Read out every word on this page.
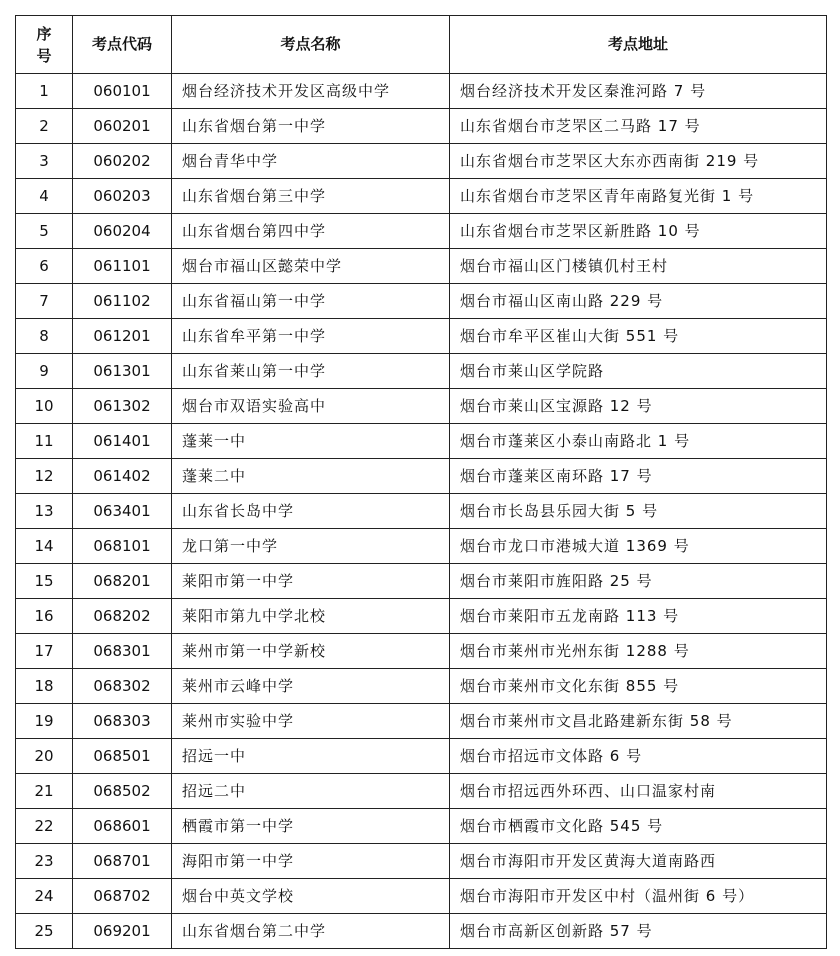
序
号	考点代码	考点名称	考点地址
1	060101	烟台经济技术开发区高级中学	烟台经济技术开发区秦淮河路 7 号
2	060201	山东省烟台第一中学	山东省烟台市芝罘区二马路 17 号
3	060202	烟台青华中学	山东省烟台市芝罘区大东亦西南街 219 号
4	060203	山东省烟台第三中学	山东省烟台市芝罘区青年南路复光街 1 号
5	060204	山东省烟台第四中学	山东省烟台市芝罘区新胜路 10 号
6	061101	烟台市福山区懿荣中学	烟台市福山区门楼镇仉村王村
7	061102	山东省福山第一中学	烟台市福山区南山路 229 号
8	061201	山东省牟平第一中学	烟台市牟平区崔山大街 551 号
9	061301	山东省莱山第一中学	烟台市莱山区学院路
10	061302	烟台市双语实验高中	烟台市莱山区宝源路 12 号
11	061401	蓬莱一中	烟台市蓬莱区小泰山南路北 1 号
12	061402	蓬莱二中	烟台市蓬莱区南环路 17 号
13	063401	山东省长岛中学	烟台市长岛县乐园大街 5 号
14	068101	龙口第一中学	烟台市龙口市港城大道 1369 号
15	068201	莱阳市第一中学	烟台市莱阳市旌阳路 25 号
16	068202	莱阳市第九中学北校	烟台市莱阳市五龙南路 113 号
17	068301	莱州市第一中学新校	烟台市莱州市光州东街 1288 号
18	068302	莱州市云峰中学	烟台市莱州市文化东街 855 号
19	068303	莱州市实验中学	烟台市莱州市文昌北路建新东街 58 号
20	068501	招远一中	烟台市招远市文体路 6 号
21	068502	招远二中	烟台市招远西外环西、山口温家村南
22	068601	栖霞市第一中学	烟台市栖霞市文化路 545 号
23	068701	海阳市第一中学	烟台市海阳市开发区黄海大道南路西
24	068702	烟台中英文学校	烟台市海阳市开发区中村（温州街 6 号）
25	069201	山东省烟台第二中学	烟台市高新区创新路 57 号
